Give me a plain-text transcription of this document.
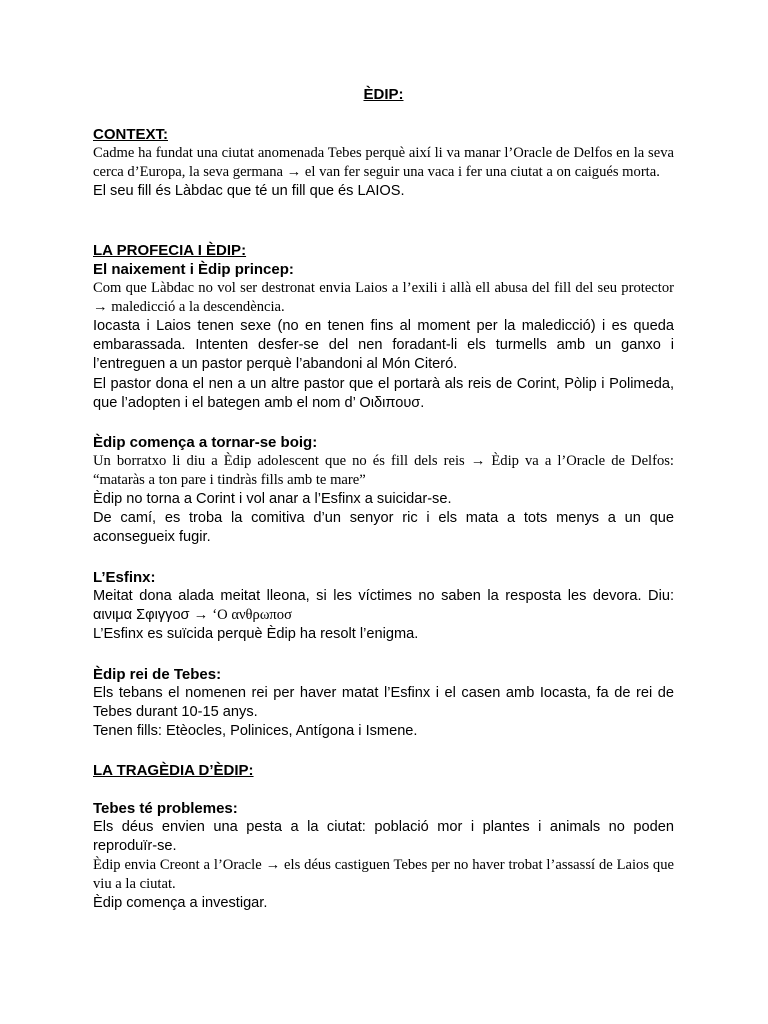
ÈDIP:
CONTEXT:

Cadme ha fundat una ciutat anomenada Tebes perquè així li va manar l’Oracle de Delfos en la seva cerca d’Europa, la seva germana → el van fer seguir una vaca i fer una ciutat a on caigués morta.

El seu fill és Làbdac que té un fill que és LAIOS.

LA PROFECIA I ÈDIP:
El naixement i Èdip princep:

Com que Làbdac no vol ser destronat envia Laios a l’exili i allà ell abusa del fill del seu protector → maledicció a la descendència.

Iocasta i Laios tenen sexe (no en tenen fins al moment per la maledicció) i es queda embarassada. Intenten desfer-se del nen foradant-li els turmells amb un ganxo i l’entreguen a un pastor perquè l’abandoni al Món Citeró.

El pastor dona el nen a un altre pastor que el portarà als reis de Corint, Pòlip i Polimeda, que l’adopten i el bategen amb el nom d’ Οιδιπουσ.

Èdip comença a tornar-se boig:

Un borratxo li diu a Èdip adolescent que no és fill dels reis → Èdip va a l’Oracle de Delfos: “mataràs a ton pare i tindràs fills amb te mare”

Èdip no torna a Corint i vol anar a l’Esfinx a suicidar-se.

De camí, es troba la comitiva d’un senyor ric i els mata a tots menys a un que aconsegueix fugir.

L’Esfinx:

Meitat dona alada meitat lleona, si les víctimes no saben la resposta les devora. Diu: αινιμα Σφιγγοσ → ‘Ο ανθρωποσ

L’Esfinx es suïcida perquè Èdip ha resolt l’enigma.

Èdip rei de Tebes:

Els tebans el nomenen rei per haver matat l’Esfinx i el casen amb Iocasta, fa de rei de Tebes durant 10-15 anys.

Tenen fills: Etèocles, Polinices, Antígona i Ismene.

LA TRAGÈDIA D’ÈDIP:
Tebes té problemes:

Els déus envien una pesta a la ciutat: població mor i plantes i animals no poden reproduïr-se.

Èdip envia Creont a l’Oracle → els déus castiguen Tebes per no haver trobat l’assassí de Laios que viu a la ciutat.

Èdip comença a investigar.
